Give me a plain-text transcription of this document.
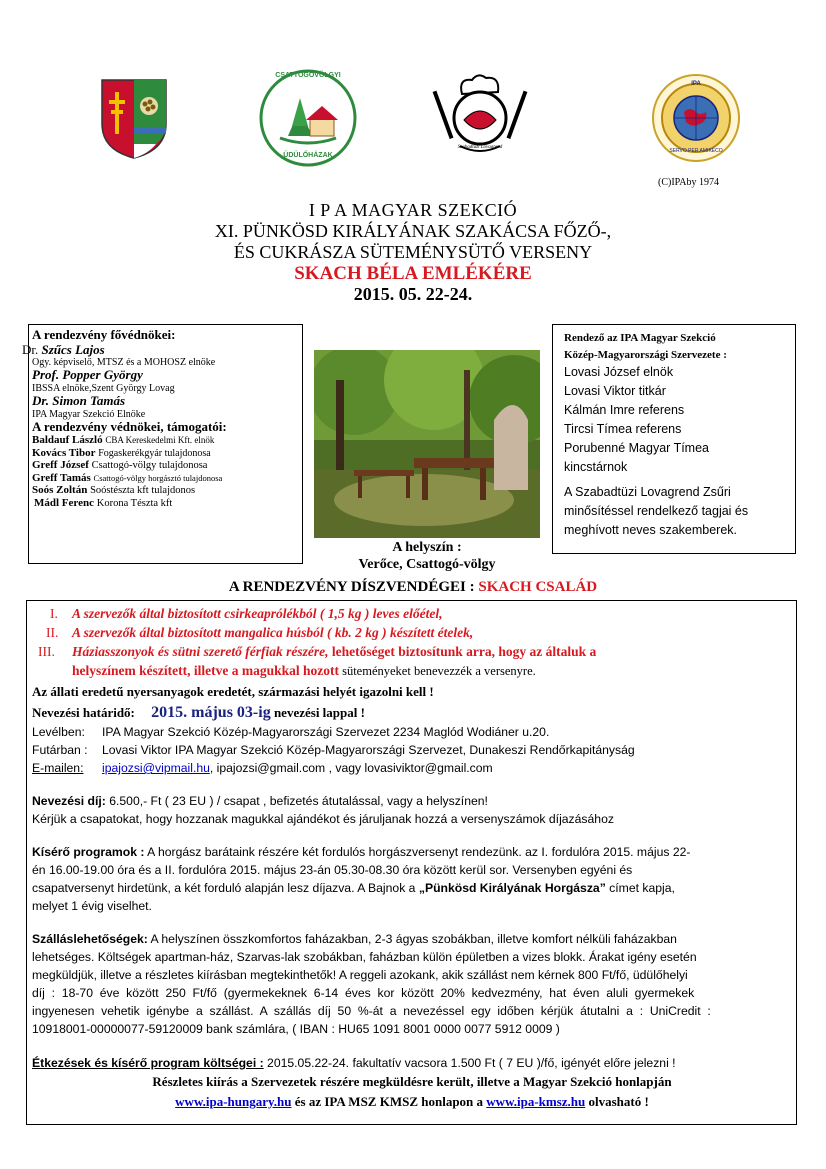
CSATTOGÓVÖLGYI
ÜDÜLŐHÁZAK
Szabadtüzi Lovagrend
IPA
SERVO PER AMIKECO
(C)IPAby 1974
I P A MAGYAR SZEKCIÓ
XI. PÜNKÖSD KIRÁLYÁNAK SZAKÁCSA FŐZŐ-,
ÉS CUKRÁSZA SÜTEMÉNYSÜTŐ VERSENY
SKACH BÉLA EMLÉKÉRE
2015. 05. 22-24.

A rendezvény fővédnökei:

Dr. Szűcs Lajos

Ogy. képviselő, MTSZ és a MOHOSZ elnöke

Prof. Popper György

IBSSA elnöke,Szent György Lovag

Dr. Simon Tamás

IPA Magyar Szekció Elnöke

A rendezvény védnökei, támogatói:

Baldauf László CBA Kereskedelmi Kft. elnök

Kovács Tibor Fogaskerékgyár tulajdonosa

Greff József Csattogó-völgy tulajdonosa

Greff Tamás Csattogó-völgy horgásztó tulajdonosa

Soós Zoltán Soóstészta kft tulajdonos

Mádl Ferenc Korona Tészta kft

A helyszín :
Verőce, Csattogó-völgy

Rendező az IPA Magyar Szekció

Közép-Magyarországi Szervezete :

Lovasi József elnök

Lovasi Viktor titkár

Kálmán Imre referens

Tircsi Tímea referens

Porubenné Magyar Tímea

kincstárnok

A Szabadtüzi Lovagrend Zsűri

minősítéssel rendelkező tagjai és

meghívott neves szakemberek.

A RENDEZVÉNY DÍSZVENDÉGEI : SKACH CSALÁD

I. A szervezők által biztosított csirkeaprólékból ( 1,5 kg ) leves előétel,

II. A szervezők által biztosított mangalica húsból ( kb. 2 kg ) készített ételek,

III. Háziasszonyok és sütni szerető férfiak részére, lehetőséget biztosítunk arra, hogy az általuk a

helyszínem készített, illetve a magukkal hozott süteményeket benevezzék a versenyre.

Az állati eredetű nyersanyagok eredetét, származási helyét igazolni kell !

Nevezési határidő: 2015. május 03-ig nevezési lappal !

Levélben: IPA Magyar Szekció Közép-Magyarországi Szervezet 2234 Maglód Wodiáner u.20.

Futárban : Lovasi Viktor IPA Magyar Szekció Közép-Magyarországi Szervezet, Dunakeszi Rendőrkapitányság

E-mailen: ipajozsi@vipmail.hu, ipajozsi@gmail.com , vagy lovasiviktor@gmail.com

Nevezési díj: 6.500,- Ft ( 23 EU ) / csapat , befizetés átutalással, vagy a helyszínen!

Kérjük a csapatokat, hogy hozzanak magukkal ajándékot és járuljanak hozzá a versenyszámok díjazásához

Kísérő programok : A horgász barátaink részére két fordulós horgászversenyt rendezünk. az I. fordulóra 2015. május 22-

én 16.00-19.00 óra és a II. fordulóra 2015. május 23-án 05.30-08.30 óra között kerül sor. Versenyben egyéni és

csapatversenyt hirdetünk, a két forduló alapján lesz díjazva. A Bajnok a „Pünkösd Királyának Horgásza” címet kapja,

melyet 1 évig viselhet.

Szálláslehetőségek: A helyszínen összkomfortos faházakban, 2-3 ágyas szobákban, illetve komfort nélküli faházakban

lehetséges. Költségek apartman-ház, Szarvas-lak szobákban, faházban külön épületben a vizes blokk. Árakat igény esetén

megküldjük, illetve a részletes kiírásban megtekinthetők! A reggeli azokank, akik szállást nem kérnek 800 Ft/fő, üdülőhelyi

díj  :  18-70  éve  között  250  Ft/fő  (gyermekeknek  6-14  éves  kor  között  20%  kedvezmény,  hat  éven  aluli  gyermekek

ingyenesen  vehetik  igénybe  a  szállást.  A  szállás  díj  50  %-át  a  nevezéssel  egy  időben  kérjük  átutalni  a  :  UniCredit  :

10918001-00000077-59120009 bank számlára, ( IBAN : HU65 1091 8001 0000 0077 5912 0009 )

Étkezések és kísérő program költségei : 2015.05.22-24. fakultatív vacsora 1.500 Ft ( 7 EU )/fő, igényét előre jelezni !

Részletes kiírás a Szervezetek részére megküldésre került, illetve a Magyar Szekció honlapján

www.ipa-hungary.hu és az IPA MSZ KMSZ honlapon a www.ipa-kmsz.hu olvasható !
